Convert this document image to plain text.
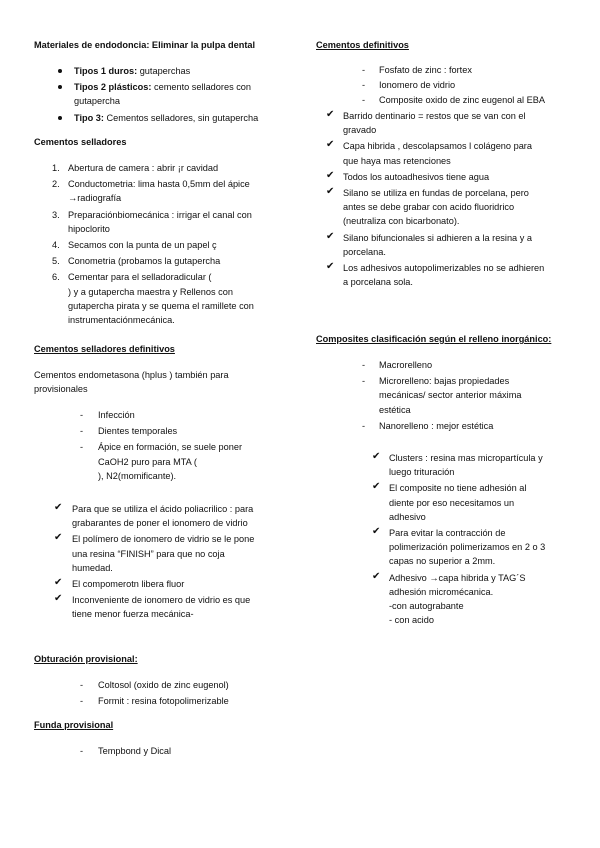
Materiales de endodoncia: Eliminar la pulpa dental
Tipos 1 duros: gutaperchas
Tipos 2 plásticos: cemento selladores con
gutapercha
Tipo 3: Cementos selladores, sin gutapercha
Cementos selladores
1. Abertura de camera : abrir ¡r cavidad
2. Conductometria: lima hasta 0,5mm del ápice
→radiografía
3. Preparaciónbiomecánica : irrigar el canal con
hipoclorito
4. Secamos con la punta de un papel ç
5. Conometria (probamos la gutapercha
6. Cementar para el selladoradicular (
) y a gutapercha maestra y Rellenos con
gutapercha pirata y se quema el ramillete con
instrumentaciónmecánica.
Cementos selladores definitivos
Cementos endometasona (hplus ) también para
provisionales
- Infección
- Dientes temporales
- Ápice en formación, se suele poner
CaOH2 puro para MTA (
), N2(momificante).
✔ Para que se utiliza el ácido poliacrilico : para
grabarantes de poner el ionomero de vidrio
✔ El polímero de ionomero de vidrio se le pone
una resina “FINISH” para que no coja
humedad.
✔ El compomerotn libera fluor
✔ Inconveniente de ionomero de vidrio es que
tiene menor fuerza mecánica-
Obturación provisional:
- Coltosol (oxido de zinc eugenol)
- Formit : resina fotopolimerizable
Funda provisional
- Tempbond y Dical
Cementos definitivos
- Fosfato de zinc : fortex
- Ionomero de vidrio
- Composite oxido de zinc eugenol al EBA
✔ Barrido dentinario = restos que se van con el
gravado
✔ Capa hibrida , descolapsamos l colágeno para
que haya mas retenciones
✔ Todos los autoadhesivos tiene agua
✔ Silano se utiliza en fundas de porcelana, pero
antes se debe grabar con acido fluoridrico
(neutraliza con bicarbonato).
✔ Silano bifuncionales si adhieren a la resina y a
porcelana.
✔ Los adhesivos autopolimerizables no se adhieren
a porcelana sola.
Composites clasificación según el relleno inorgánico:
- Macrorelleno
- Microrelleno: bajas propiedades
mecánicas/ sector anterior máxima
estética
- Nanorelleno : mejor estética
✔ Clusters : resina mas micropartícula y
luego trituración
✔ El composite no tiene adhesión al
diente por eso necesitamos un
adhesivo
✔ Para evitar la contracción de
polimerización polimerizamos en 2 o 3
capas no superior a 2mm.
✔ Adhesivo →capa hibrida y TAG´S
adhesión micromécanica.
-con autograbante
- con acido
